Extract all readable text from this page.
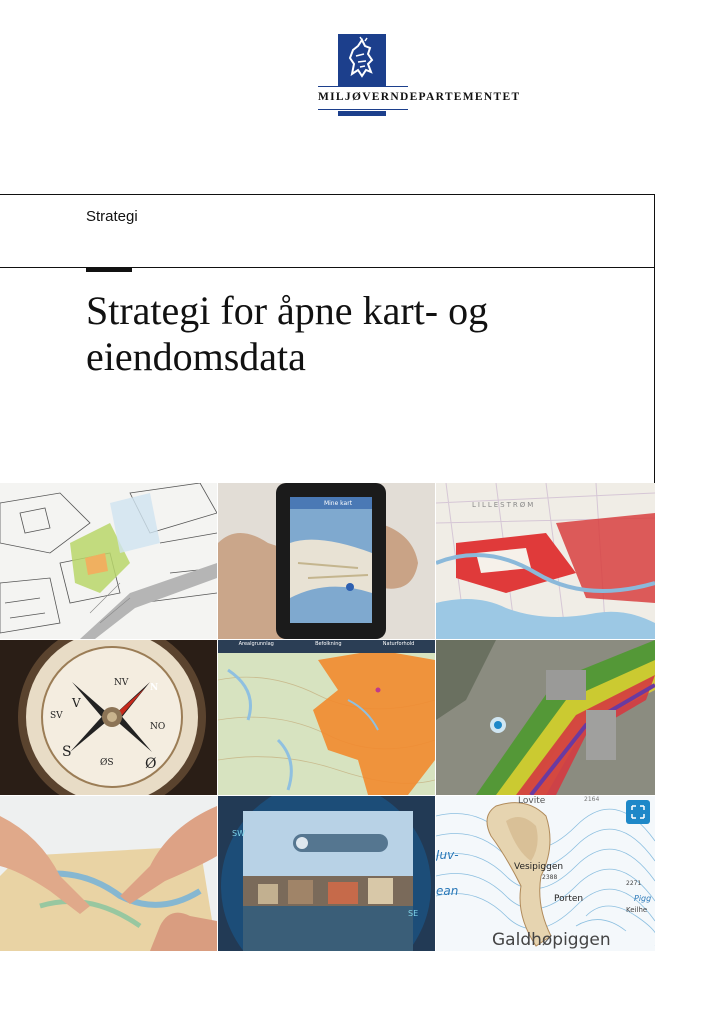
MILJØVERNDEPARTEMENTET
Strategi
Strategi for åpne kart- og eiendomsdata
Mine kart	LILLESTRØM
NV N
V
SV
S
NO
ØS Ø
Arealgrunnlag	Befolkning	Naturforhold
SW
SE
Lovite	2164
Juv-
Vesipiggen
2388
2271
ean
Porten	Pigg
Keilhe
Galdhøpiggen
